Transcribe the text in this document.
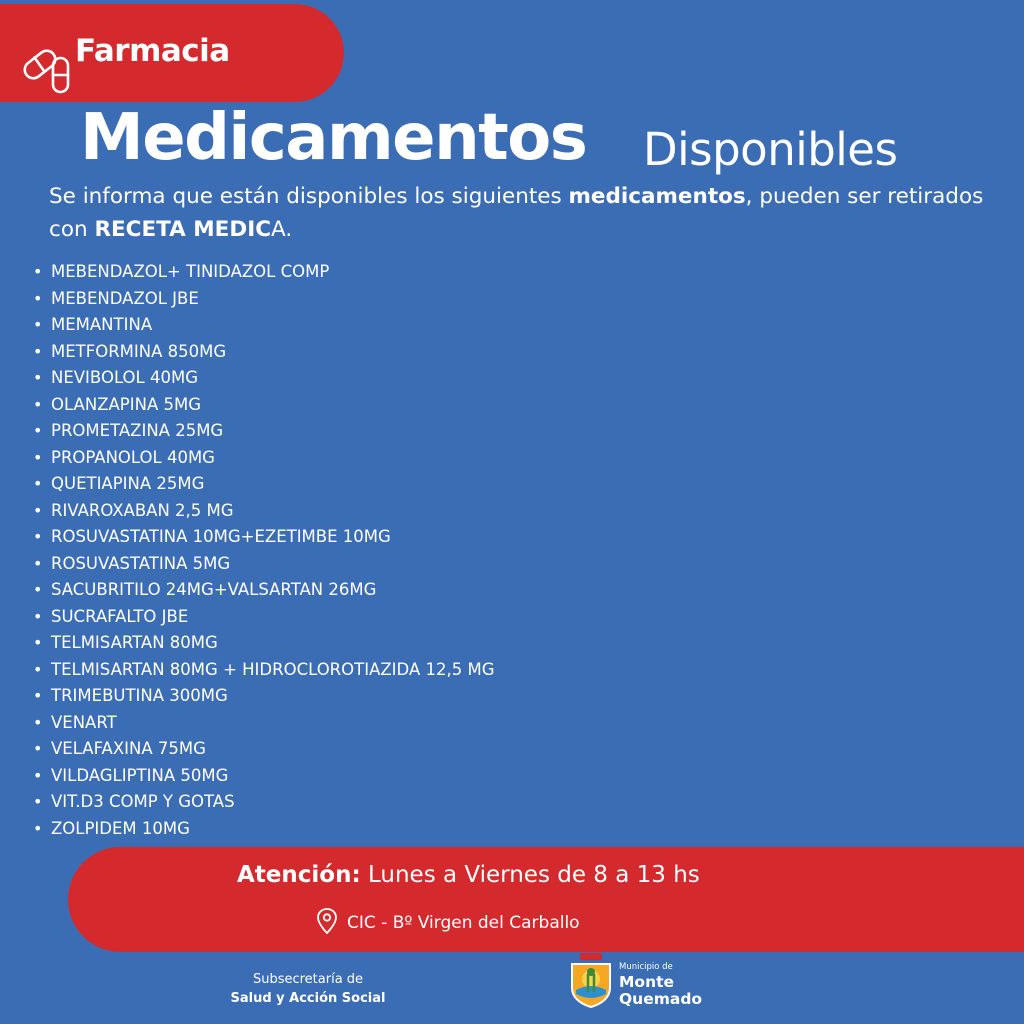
Farmacia
Medicamentos Disponibles

Se informa que están disponibles los siguientes medicamentos, pueden ser retirados con RECETA MEDICA.

• MEBENDAZOL+ TINIDAZOL COMP
• MEBENDAZOL JBE
• MEMANTINA
• METFORMINA 850MG
• NEVIBOLOL 40MG
• OLANZAPINA 5MG
• PROMETAZINA 25MG
• PROPANOLOL 40MG
• QUETIAPINA 25MG
• RIVAROXABAN 2,5 MG
• ROSUVASTATINA 10MG+EZETIMBE 10MG
• ROSUVASTATINA 5MG
• SACUBRITILO 24MG+VALSARTAN 26MG
• SUCRAFALTO JBE
• TELMISARTAN 80MG
• TELMISARTAN 80MG + HIDROCLOROTIAZIDA 12,5 MG
• TRIMEBUTINA 300MG
• VENART
• VELAFAXINA 75MG
• VILDAGLIPTINA 50MG
• VIT.D3 COMP Y GOTAS
• ZOLPIDEM 10MG
Atención: Lunes a Viernes de 8 a 13 hs
CIC - Bº Virgen del Carballo
Subsecretaría de
Salud y Acción Social
Municipio de
Monte
Quemado
